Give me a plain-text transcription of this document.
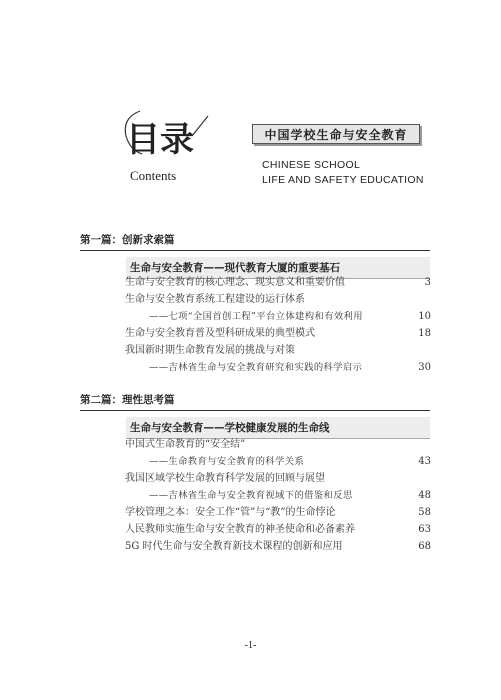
目录
Contents
中国学校生命与安全教育
CHINESE SCHOOL
LIFE AND SAFETY EDUCATION
第一篇：创新求索篇
生命与安全教育——现代教育大厦的重要基石
生命与安全教育的核心理念、现实意义和重要价值	3
生命与安全教育系统工程建设的运行体系
——七项“全国首创工程”平台立体建构和有效利用	10
生命与安全教育普及型科研成果的典型模式	18
我国新时期生命教育发展的挑战与对策
——吉林省生命与安全教育研究和实践的科学启示	30
第二篇：理性思考篇
生命与安全教育——学校健康发展的生命线
中国式生命教育的“安全结”
——生命教育与安全教育的科学关系	43
我国区域学校生命教育科学发展的回顾与展望
——吉林省生命与安全教育视域下的借鉴和反思	48
学校管理之本：安全工作“管”与“教”的生命悖论	58
人民教师实施生命与安全教育的神圣使命和必备素养	63
5G 时代生命与安全教育新技术课程的创新和应用	68
-1-
